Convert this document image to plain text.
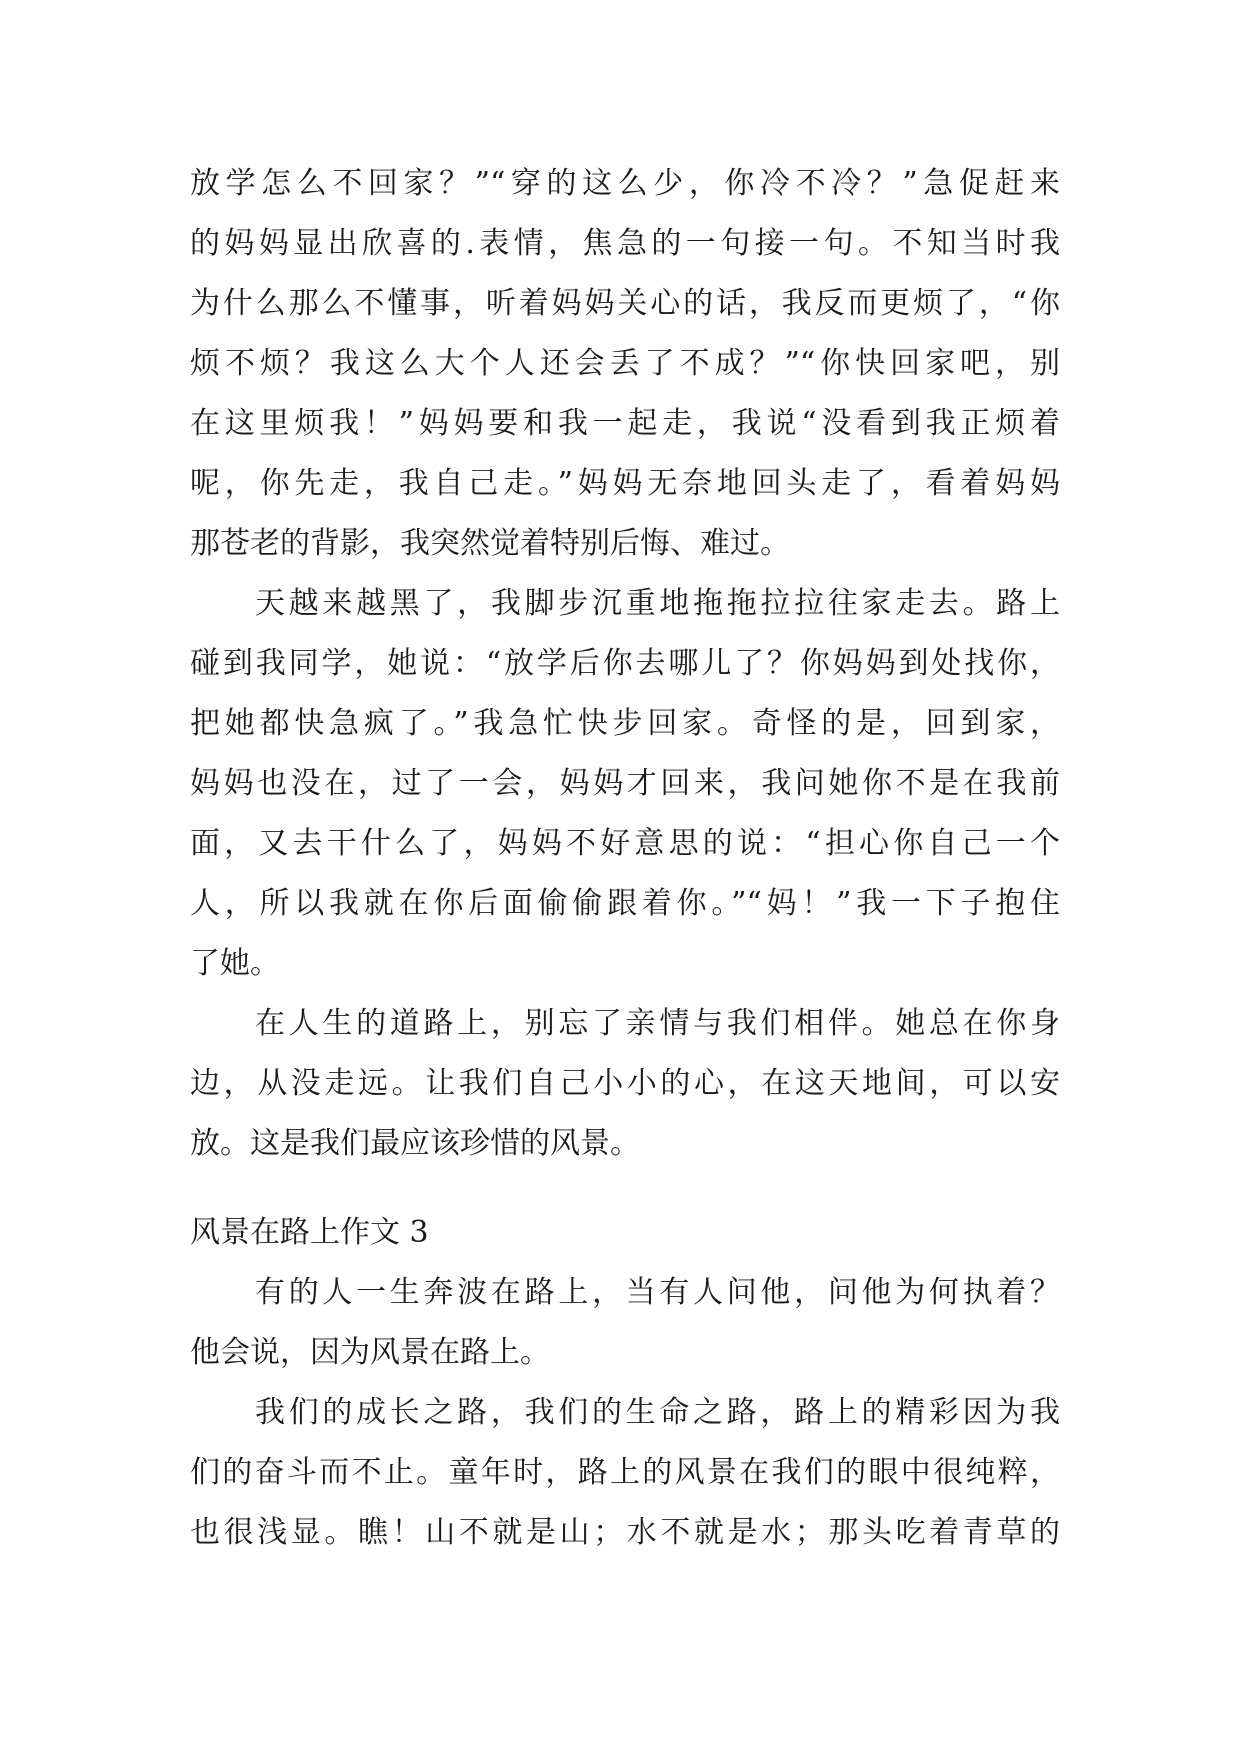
放学怎么不回家？”“穿的这么少，你冷不冷？”急促赶来
的妈妈显出欣喜的.表情，焦急的一句接一句。不知当时我
为什么那么不懂事，听着妈妈关心的话，我反而更烦了，“你
烦不烦？我这么大个人还会丢了不成？”“你快回家吧，别
在这里烦我！”妈妈要和我一起走，我说“没看到我正烦着
呢，你先走，我自己走。”妈妈无奈地回头走了，看着妈妈
那苍老的背影，我突然觉着特别后悔、难过。
天越来越黑了，我脚步沉重地拖拖拉拉往家走去。路上
碰到我同学，她说：“放学后你去哪儿了？你妈妈到处找你，
把她都快急疯了。”我急忙快步回家。奇怪的是，回到家，
妈妈也没在，过了一会，妈妈才回来，我问她你不是在我前
面，又去干什么了，妈妈不好意思的说：“担心你自己一个
人，所以我就在你后面偷偷跟着你。”“妈！”我一下子抱住
了她。
在人生的道路上，别忘了亲情与我们相伴。她总在你身
边，从没走远。让我们自己小小的心，在这天地间，可以安
放。这是我们最应该珍惜的风景。
风景在路上作文 3
有的人一生奔波在路上，当有人问他，问他为何执着？
他会说，因为风景在路上。
我们的成长之路，我们的生命之路，路上的精彩因为我
们的奋斗而不止。童年时，路上的风景在我们的眼中很纯粹，
也很浅显。瞧！山不就是山；水不就是水；那头吃着青草的
